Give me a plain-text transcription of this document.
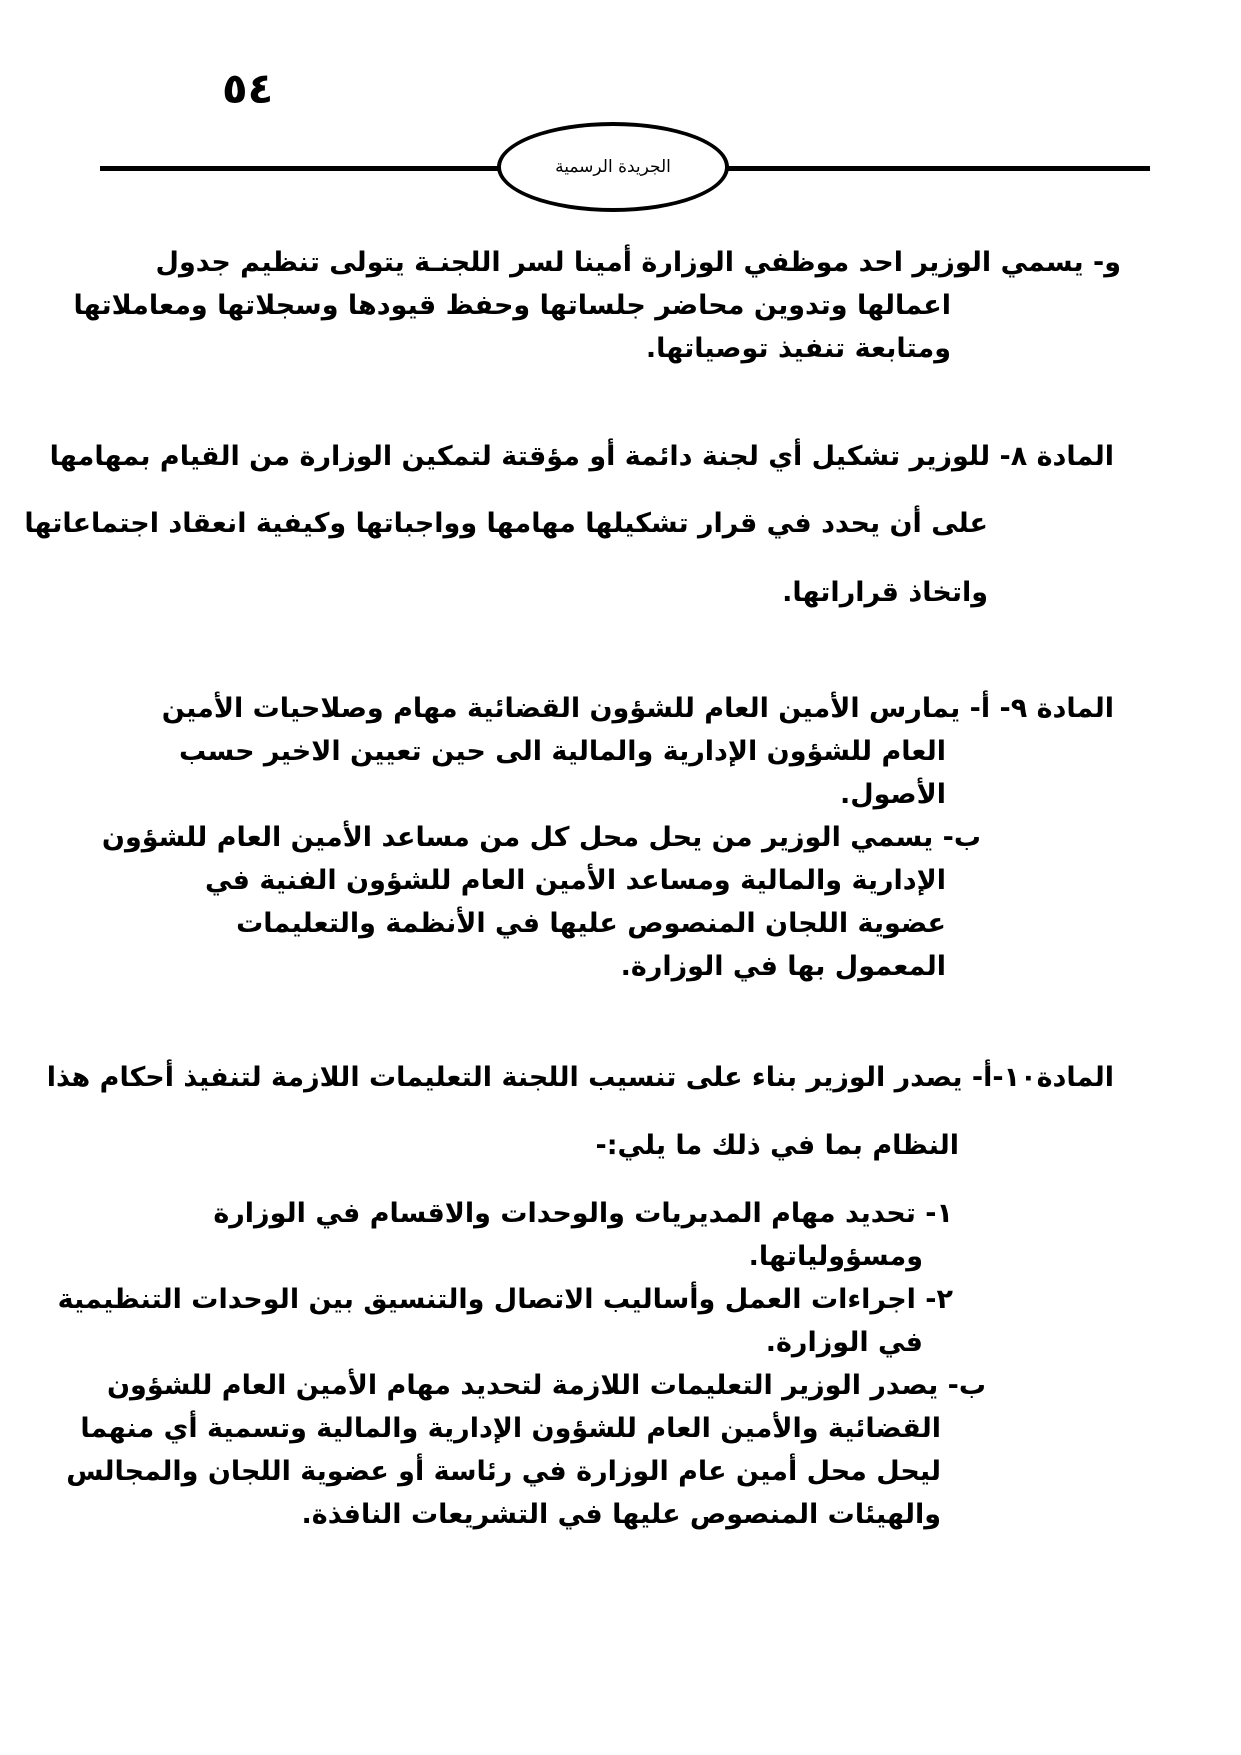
٥٤
الجريدة الرسمية
و- يسمي الوزير احد موظفي الوزارة أمينا لسر اللجنـة يتولى تنظيم جدول
اعمالها وتدوين محاضر جلساتها وحفظ قيودها وسجلاتها ومعاملاتها
ومتابعة تنفيذ توصياتها.
المادة ٨- للوزير تشكيل أي لجنة دائمة أو مؤقتة لتمكين الوزارة من القيام بمهامها
على أن يحدد في قرار تشكيلها مهامها وواجباتها وكيفية انعقاد اجتماعاتها
واتخاذ قراراتها.
المادة ٩- أ- يمارس الأمين العام للشؤون القضائية مهام وصلاحيات الأمين
العام للشؤون الإدارية والمالية الى حين تعيين الاخير حسب
الأصول.
ب- يسمي الوزير من يحل محل كل من مساعد الأمين العام للشؤون
الإدارية والمالية ومساعد الأمين العام للشؤون الفنية في
عضوية اللجان المنصوص عليها في الأنظمة والتعليمات
المعمول بها في الوزارة.
المادة١٠-أ- يصدر الوزير بناء على تنسيب اللجنة التعليمات اللازمة لتنفيذ أحكام هذا
النظام بما في ذلك ما يلي:-
١- تحديد مهام المديريات والوحدات والاقسام في الوزارة
ومسؤولياتها.
٢- اجراءات العمل وأساليب الاتصال والتنسيق بين الوحدات التنظيمية
في الوزارة.
ب- يصدر الوزير التعليمات اللازمة لتحديد مهام الأمين العام للشؤون
القضائية والأمين العام للشؤون الإدارية والمالية وتسمية أي منهما
ليحل محل أمين عام الوزارة في رئاسة أو عضوية اللجان والمجالس
والهيئات المنصوص عليها في التشريعات النافذة.
